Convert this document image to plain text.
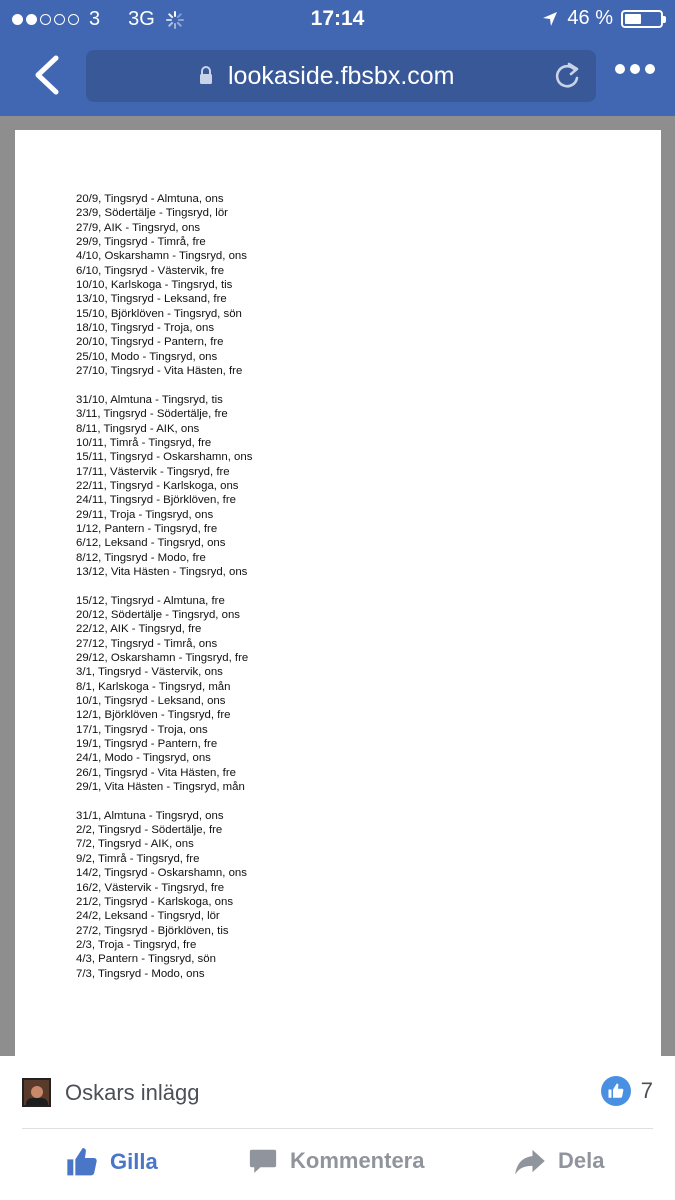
3 3G	17:14	46 %
lookaside.fbsbx.com
20/9, Tingsryd - Almtuna, ons
23/9, Södertälje - Tingsryd, lör
27/9, AIK - Tingsryd, ons
29/9, Tingsryd - Timrå, fre
4/10, Oskarshamn - Tingsryd, ons
6/10, Tingsryd - Västervik, fre
10/10, Karlskoga - Tingsryd, tis
13/10, Tingsryd - Leksand, fre
15/10, Björklöven - Tingsryd, sön
18/10, Tingsryd - Troja, ons
20/10, Tingsryd - Pantern, fre
25/10, Modo - Tingsryd, ons
27/10, Tingsryd - Vita Hästen, fre
31/10, Almtuna - Tingsryd, tis
3/11, Tingsryd - Södertälje, fre
8/11, Tingsryd - AIK, ons
10/11, Timrå - Tingsryd, fre
15/11, Tingsryd - Oskarshamn, ons
17/11, Västervik - Tingsryd, fre
22/11, Tingsryd - Karlskoga, ons
24/11, Tingsryd - Björklöven, fre
29/11, Troja - Tingsryd, ons
1/12, Pantern - Tingsryd, fre
6/12, Leksand - Tingsryd, ons
8/12, Tingsryd - Modo, fre
13/12, Vita Hästen - Tingsryd, ons
15/12, Tingsryd - Almtuna, fre
20/12, Södertälje - Tingsryd, ons
22/12, AIK - Tingsryd, fre
27/12, Tingsryd - Timrå, ons
29/12, Oskarshamn - Tingsryd, fre
3/1, Tingsryd - Västervik, ons
8/1, Karlskoga - Tingsryd, mån
10/1, Tingsryd - Leksand, ons
12/1, Björklöven - Tingsryd, fre
17/1, Tingsryd - Troja, ons
19/1, Tingsryd - Pantern, fre
24/1, Modo - Tingsryd, ons
26/1, Tingsryd - Vita Hästen, fre
29/1, Vita Hästen - Tingsryd, mån
31/1, Almtuna - Tingsryd, ons
2/2, Tingsryd - Södertälje, fre
7/2, Tingsryd - AIK, ons
9/2, Timrå - Tingsryd, fre
14/2, Tingsryd - Oskarshamn, ons
16/2, Västervik - Tingsryd, fre
21/2, Tingsryd - Karlskoga, ons
24/2, Leksand - Tingsryd, lör
27/2, Tingsryd - Björklöven, tis
2/3, Troja - Tingsryd, fre
4/3, Pantern - Tingsryd, sön
7/3, Tingsryd - Modo, ons
Oskars inlägg	7
Gilla	Kommentera	Dela
